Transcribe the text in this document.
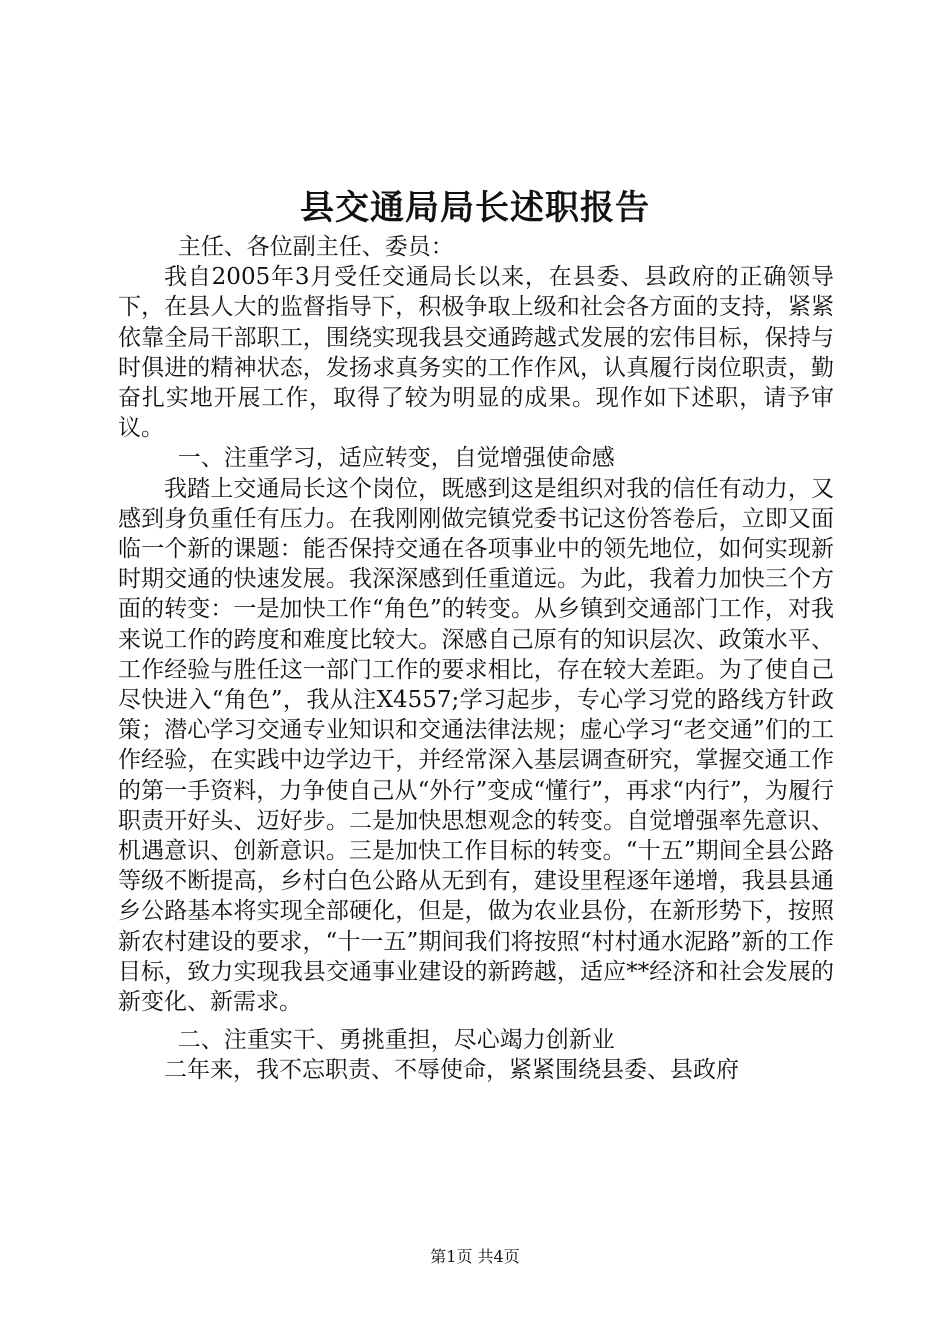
县交通局局长述职报告

主任、各位副主任、委员：

我自2005年3月受任交通局长以来，在县委、县政府的正确领导下，在县人大的监督指导下，积极争取上级和社会各方面的支持，紧紧依靠全局干部职工，围绕实现我县交通跨越式发展的宏伟目标，保持与时俱进的精神状态，发扬求真务实的工作作风，认真履行岗位职责，勤奋扎实地开展工作，取得了较为明显的成果。现作如下述职，请予审议。

一、注重学习，适应转变，自觉增强使命感

我踏上交通局长这个岗位，既感到这是组织对我的信任有动力，又感到身负重任有压力。在我刚刚做完镇党委书记这份答卷后，立即又面临一个新的课题：能否保持交通在各项事业中的领先地位，如何实现新时期交通的快速发展。我深深感到任重道远。为此，我着力加快三个方面的转变：一是加快工作“角色”的转变。从乡镇到交通部门工作，对我来说工作的跨度和难度比较大。深感自己原有的知识层次、政策水平、工作经验与胜任这一部门工作的要求相比，存在较大差距。为了使自己尽快进入“角色”，我从注X4557;学习起步，专心学习党的路线方针政策；潜心学习交通专业知识和交通法律法规；虚心学习“老交通”们的工作经验，在实践中边学边干，并经常深入基层调查研究，掌握交通工作的第一手资料，力争使自己从“外行”变成“懂行”，再求“内行”，为履行职责开好头、迈好步。二是加快思想观念的转变。自觉增强率先意识、机遇意识、创新意识。三是加快工作目标的转变。“十五”期间全县公路等级不断提高，乡村白色公路从无到有，建设里程逐年递增，我县县通乡公路基本将实现全部硬化，但是，做为农业县份，在新形势下，按照新农村建设的要求，“十一五”期间我们将按照“村村通水泥路”新的工作目标，致力实现我县交通事业建设的新跨越，适应**经济和社会发展的新变化、新需求。

二、注重实干、勇挑重担，尽心竭力创新业

二年来，我不忘职责、不辱使命，紧紧围绕县委、县政府

第1页 共4页
